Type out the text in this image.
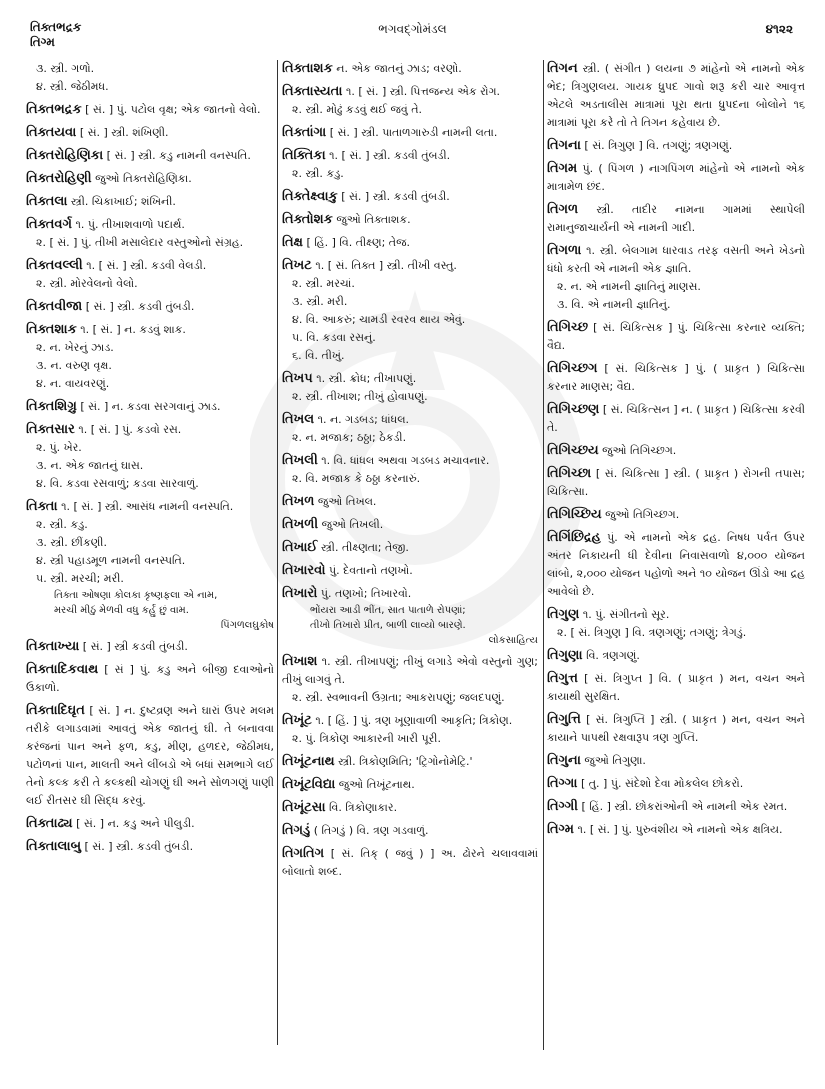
તિક્તભદ્રક
તિગ્મ
ભગવદ્ગોમંડલ	૪૧૨૨
૩. સ્ત્રી. ગળો.
૪. સ્ત્રી. જેઠીમધ.
તિક્તભદ્રક [ સં. ] પું. પટોલ વૃક્ષ; એક જાતનો વેલો.
તિક્તયવા [ સં. ] સ્ત્રી. શંખિણી.
તિક્તરોહિણિકા [ સં. ] સ્ત્રી. કડુ નામની વનસ્પતિ.
તિક્તરોહિણી જુઓ તિક્તરોહિણિકા.
તિક્તલા સ્ત્રી. ચિકાખાઈ; શંખિની.
તિક્તવર્ગ ૧. પું. તીખાશવાળો પદાર્થ.
૨. [ સં. ] પું. તીખી મસાલેદાર વસ્તુઓનો સંગ્રહ.
તિક્તવલ્લી ૧. [ સં. ] સ્ત્રી. કડવી વેલડી.
૨. સ્ત્રી. મોરવેલનો વેલો.
તિક્તવીજા [ સં. ] સ્ત્રી. કડવી તુંબડી.
તિક્તશાક ૧. [ સં. ] ન. કડવું શાક.
૨. ન. ખેરનું ઝાડ.
૩. ન. વરુણ વૃક્ષ.
૪. ન. વાયવરણું.
તિક્તશિગ્રુ [ સં. ] ન. કડવા સરગવાનું ઝાડ.
તિક્તસાર ૧. [ સં. ] પું. કડવો રસ.
૨. પું. ખેર.
૩. ન. એક જાતનું ઘાસ.
૪. વિ. કડવા રસવાળું; કડવા સારવાળું.
તિક્તા ૧. [ સં. ] સ્ત્રી. આસંધ નામની વનસ્પતિ.
૨. સ્ત્રી. કડુ.
૩. સ્ત્રી. છીંકણી.
૪. સ્ત્રી પહાડમૂળ નામની વનસ્પતિ.
૫. સ્ત્રી. મરચી; મરી.
તિક્તા ઓષણા કોલકા કૃષ્ણફલા એ નામ,
મરચી મીઠું મેળવી વધુ કર્હું છું વામ.
પિંગળલઘુકોષ
તિક્તાખ્યા [ સં. ] સ્ત્રી કડવી તુંબડી.
તિક્તાદિકવાથ [ સં ] પું. કડુ અને બીજી દવાઓનો ઉકાળો.
તિક્તાદિઘૃત [ સં. ] ન. દુષ્ટવ્રણ અને ઘારાં ઉપર મલમ તરીકે લગાડવામાં આવતું એક જાતનું ઘી. તે બનાવવા કરંજનાં પાન અને ફળ, કડુ, મીણ, હળદર, જેઠીમધ, પટોળનાં પાન, માલતી અને લીંબડો એ બધાં સમભાગે લઈ તેનો કલ્ક કરી તે કલ્કથી ચોગણું ઘી અને સોળગણું પાણી લઈ રીતસર ઘી સિદ્ધ કરવું.
તિક્તાઢ્ય [ સં. ] ન. કડુ અને પીલુડી.
તિક્તાલાબુ [ સં. ] સ્ત્રી. કડવી તુંબડી.
તિક્તાશક ન. એક જાતનું ઝાડ; વરણો.
તિક્તાસ્યતા ૧. [ સં. ] સ્ત્રી. પિત્તજન્ય એક રોગ.
૨. સ્ત્રી. મોઢું કડવું થઈ જવું તે.
તિક્તાંગા [ સં. ] સ્ત્રી. પાતાળગારુડી નામની લતા.
તિક્તિકા ૧. [ સં. ] સ્ત્રી. કડવી તુંબડી.
૨. સ્ત્રી. કડુ.
તિક્તેક્ષ્વાકુ [ સં. ] સ્ત્રી. કડવી તુંબડી.
તિક્તોશક જુઓ તિક્તાશક.
તિક્ષ [ હિં. ] વિ. તીક્ષ્ણ; તેજ.
તિખટ ૧. [ સં. તિક્ત ] સ્ત્રી. તીખી વસ્તુ.
૨. સ્ત્રી. મરચાં.
૩. સ્ત્રી. મરી.
૪. વિ. આકરું; ચામડી રવરવ થાય એવું.
૫. વિ. કડવા રસનું.
૬. વિ. તીખું.
તિખપ ૧. સ્ત્રી. ક્રોધ; તીખાપણું.
૨. સ્ત્રી. તીખાશ; તીખું હોવાપણું.
તિખલ ૧. ન. ગડબડ; ધાંધલ.
૨. ન. મજાક; ઠઠ્ઠા; ઠેકડી.
તિખલી ૧. વિ. ધાંધલ અથવા ગડબડ મચાવનાર.
૨. વિ. મજાક કે ઠઠ્ઠા કરનારું.
તિખળ જુઓ તિખલ.
તિખળી જુઓ તિખલી.
તિખાઈ સ્ત્રી. તીક્ષ્ણતા; તેજી.
તિખારવો પું. દેવતાનો તણખો.
તિખારો પું. તણખો; તિખારવો.
ભોંયરા આડી ભીંત, સાત પાતાળે રોપણાં;
તીખો તિખારો પ્રીત, બાળી લાવ્યો બારણે.
લોકસાહિત્ય
તિખાશ ૧. સ્ત્રી. તીખાપણું; તીખું લગાડે એવો વસ્તુનો ગુણ; તીખું લાગવું તે.
૨. સ્ત્રી. સ્વભાવની ઉગ્રતા; આકરાપણું; જલદપણું.
તિખૂંટ ૧. [ હિં. ] પું. ત્રણ ખૂણાવાળી આકૃતિ; ત્રિકોણ.
૨. પું. ત્રિકોણ આકારની ખારી પૂરી.
તિખૂંટનાથ સ્ત્રી. ત્રિકોણમિતિ; 'ટ્રિગોનોમેટ્રિ.'
તિખૂંટવિદ્યા જુઓ તિખૂંટનાથ.
તિખૂંટસા વિ. ત્રિકોણાકાર.
તિગડું ( તિગડું ) વિ. ત્રણ ગડવાળું.
તિગતિગ [ સં. તિક્ ( જવું ) ] અ. ઢોરને ચલાવવામાં બોલાતો શબ્દ.
તિગન સ્ત્રી. ( સંગીત ) લયના ૭ માંહેનો એ નામનો એક ભેદ; ત્રિગુણલય. ગાયક ધ્રુપદ ગાવો શરૂ કરી ચાર આવૃત્ત એટલે અડતાલીસ માત્રામાં પૂરા થતા ધ્રુપદના બોલોને ૧૬ માત્રામાં પૂરા કરે તો તે તિગન કહેવાય છે.
તિગના [ સં. ત્રિગુણ ] વિ. તગણું; ત્રણગણું.
તિગમ પું. ( પિંગળ ) નાગપિંગળ માંહેનો એ નામનો એક માત્રામેળ છંદ.
તિગળ સ્ત્રી. તાદીર નામના ગામમાં સ્થાપેલી રામાનુજાચાર્યની એ નામની ગાદી.
તિગળા ૧. સ્ત્રી. બેલગામ ધારવાડ તરફ વસતી અને ખેડનો ધંધો કરતી એ નામની એક જ્ઞાતિ.
૨. ન. એ નામની જ્ઞાતિનું માણસ.
૩. વિ. એ નામની જ્ઞાતિનું.
તિગિચ્છ [ સં. ચિકિત્સક ] પું. ચિકિત્સા કરનાર વ્યક્તિ; વૈદ્ય.
તિગિચ્છગ [ સં. ચિકિત્સક ] પું. ( પ્રાકૃત ) ચિકિત્સા કરનાર માણસ; વૈદ્ય.
તિગિચ્છણ [ સં. ચિકિત્સન ] ન. ( પ્રાકૃત ) ચિકિત્સા કરવી તે.
તિગિચ્છય જુઓ તિગિચ્છગ.
તિગિચ્છા [ સં. ચિકિત્સા ] સ્ત્રી. ( પ્રાકૃત ) રોગની તપાસ; ચિકિત્સા.
તિગિચ્છિય જુઓ તિગિચ્છગ.
તિગિંછિદ્રહ પું. એ નામનો એક દ્રહ. નિષધ પર્વત ઉપર અંતર નિકાયની ધી દેવીના નિવાસવાળો ૪,૦૦૦ યોજન લાંબો, ૨,૦૦૦ યોજન પહોળો અને ૧૦ યોજન ઊંડો આ દ્રહ આવેલો છે.
તિગુણ ૧. પું. સંગીતનો સૂર.
૨. [ સં. ત્રિગુણ ] વિ. ત્રણગણું; તગણું; ત્રેગડું.
તિગુણા વિ. ત્રણગણું.
તિગુત્ત [ સં. ત્રિગુપ્ત ] વિ. ( પ્રાકૃત ) મન, વચન અને કાયાથી સુરક્ષિત.
તિગુત્તિ [ સં. ત્રિગુપ્તિ ] સ્ત્રી. ( પ્રાકૃત ) મન, વચન અને કાયાને પાપથી રક્ષવારૂપ ત્રણ ગુપ્તિ.
તિગુના જુઓ તિગુણા.
તિગ્ગા [ તુ. ] પું. સંદેશો દેવા મોકલેલ છોકરો.
તિગ્ગી [ હિં. ] સ્ત્રી. છોકરાંઓની એ નામની એક રમત.
તિગ્મ ૧. [ સં. ] પું. પુરુવંશીય એ નામનો એક ક્ષત્રિય.
